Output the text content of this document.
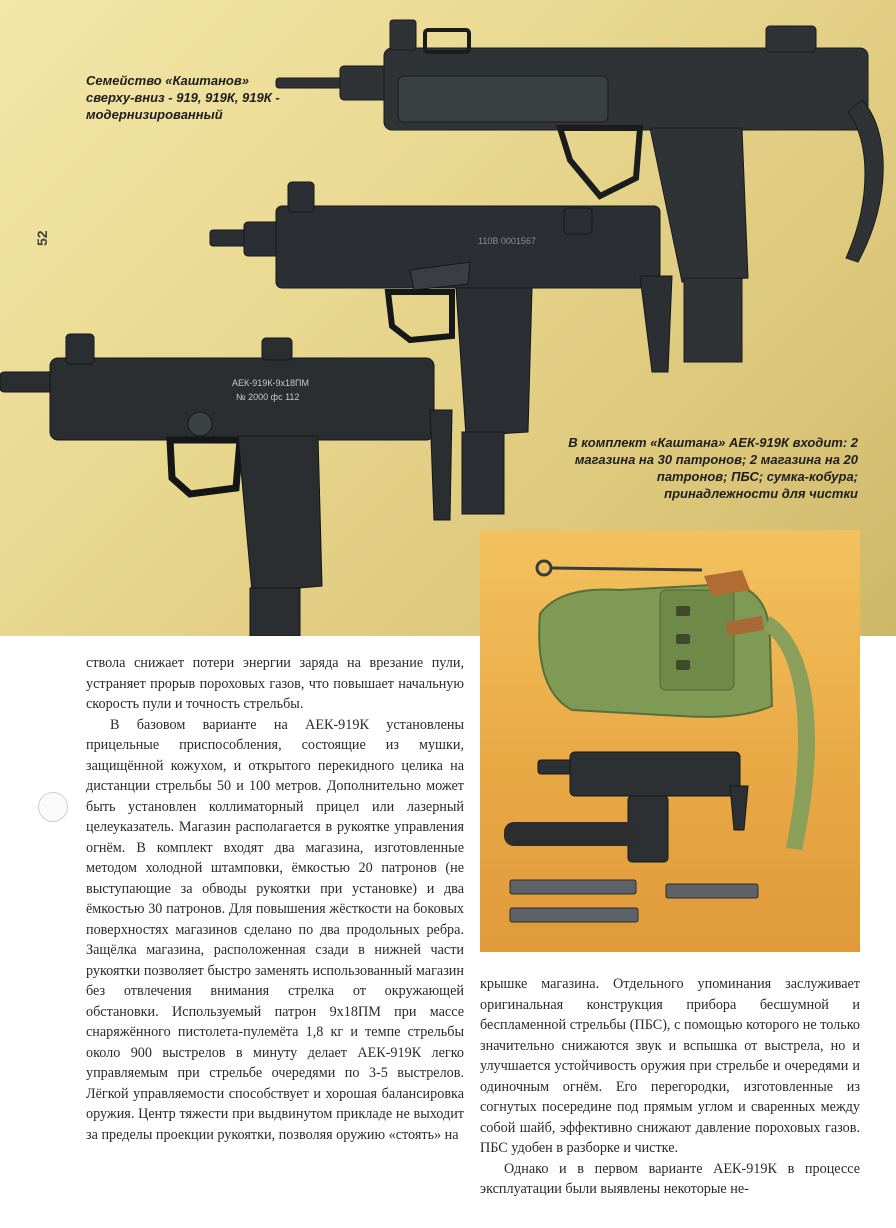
АЕК-919К-9х18ПМ
№ 2000 фс 112
110В 0001567
Семейство «Каштанов» сверху-вниз - 919, 919К, 919К - модернизированный
52
В комплект «Каштана» АЕК-919К входит: 2 магазина на 30 патронов; 2 магазина на 20 патронов; ПБС; сумка-кобура; принадлежности для чистки

ствола снижает потери энергии заряда на врезание пули, устраняет прорыв пороховых газов, что повышает начальную скорость пули и точность стрельбы.

В базовом варианте на АЕК-919К установлены прицельные приспособления, состоящие из мушки, защищённой кожухом, и открытого перекидного целика на дистанции стрельбы 50 и 100 метров. Дополнительно может быть установлен коллиматорный прицел или лазерный целеуказатель. Магазин располагается в рукоятке управления огнём. В комплект входят два магазина, изготовленные методом холодной штамповки, ёмкостью 20 патронов (не выступающие за обводы рукоятки при установке) и два ёмкостью 30 патронов. Для повышения жёсткости на боковых поверхностях магазинов сделано по два продольных ребра. Защёлка магазина, расположенная сзади в нижней части рукоятки позволяет быстро заменять использованный магазин без отвлечения внимания стрелка от окружающей обстановки. Используемый патрон 9х18ПМ при массе снаряжённого пистолета-пулемёта 1,8 кг и темпе стрельбы около 900 выстрелов в минуту делает АЕК-919К легко управляемым при стрельбе очередями по 3-5 выстрелов. Лёгкой управляемости способствует и хорошая балансировка оружия. Центр тяжести при выдвинутом прикладе не выходит за пределы проекции рукоятки, позволяя оружию «стоять» на

крышке магазина. Отдельного упоминания заслуживает оригинальная конструкция прибора бесшумной и беспламенной стрельбы (ПБС), с помощью которого не только значительно снижаются звук и вспышка от выстрела, но и улучшается устойчивость оружия при стрельбе и очередями и одиночным огнём. Его перегородки, изготовленные из согнутых посередине под прямым углом и сваренных между собой шайб, эффективно снижают давление пороховых газов. ПБС удобен в разборке и чистке.

Однако и в первом варианте АЕК-919К в процессе эксплуатации были выявлены некоторые не-
